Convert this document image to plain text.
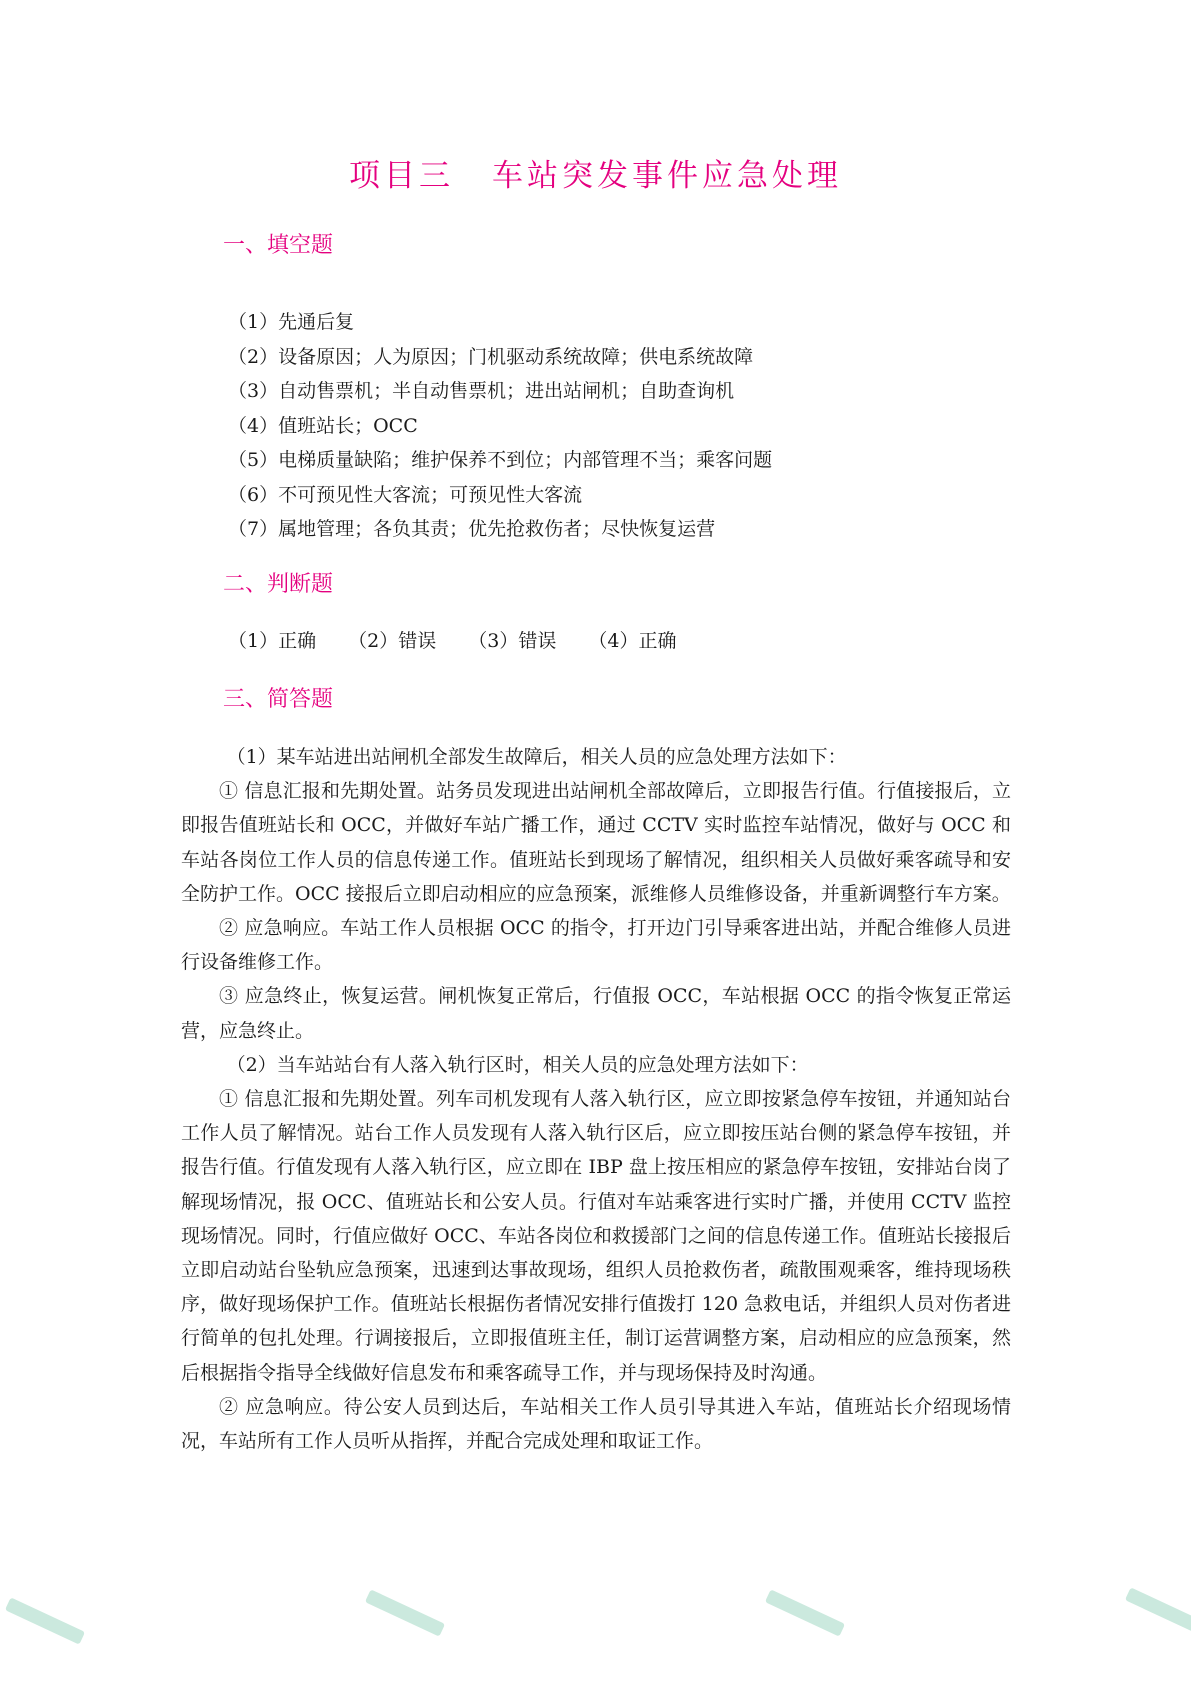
项目三 车站突发事件应急处理
一、填空题
（1）先通后复
（2）设备原因；人为原因；门机驱动系统故障；供电系统故障
（3）自动售票机；半自动售票机；进出站闸机；自助查询机
（4）值班站长；OCC
（5）电梯质量缺陷；维护保养不到位；内部管理不当；乘客问题
（6）不可预见性大客流；可预见性大客流
（7）属地管理；各负其责；优先抢救伤者；尽快恢复运营
二、判断题
（1）正确 （2）错误 （3）错误 （4）正确
三、简答题

（1）某车站进出站闸机全部发生故障后，相关人员的应急处理方法如下：

① 信息汇报和先期处置。站务员发现进出站闸机全部故障后，立即报告行值。行值接报后，立即报告值班站长和 OCC，并做好车站广播工作，通过 CCTV 实时监控车站情况，做好与 OCC 和车站各岗位工作人员的信息传递工作。值班站长到现场了解情况，组织相关人员做好乘客疏导和安全防护工作。OCC 接报后立即启动相应的应急预案，派维修人员维修设备，并重新调整行车方案。

② 应急响应。车站工作人员根据 OCC 的指令，打开边门引导乘客进出站，并配合维修人员进行设备维修工作。

③ 应急终止，恢复运营。闸机恢复正常后，行值报 OCC，车站根据 OCC 的指令恢复正常运营，应急终止。

（2）当车站站台有人落入轨行区时，相关人员的应急处理方法如下：

① 信息汇报和先期处置。列车司机发现有人落入轨行区，应立即按紧急停车按钮，并通知站台工作人员了解情况。站台工作人员发现有人落入轨行区后，应立即按压站台侧的紧急停车按钮，并报告行值。行值发现有人落入轨行区，应立即在 IBP 盘上按压相应的紧急停车按钮，安排站台岗了解现场情况，报 OCC、值班站长和公安人员。行值对车站乘客进行实时广播，并使用 CCTV 监控现场情况。同时，行值应做好 OCC、车站各岗位和救援部门之间的信息传递工作。值班站长接报后立即启动站台坠轨应急预案，迅速到达事故现场，组织人员抢救伤者，疏散围观乘客，维持现场秩序，做好现场保护工作。值班站长根据伤者情况安排行值拨打 120 急救电话，并组织人员对伤者进行简单的包扎处理。行调接报后，立即报值班主任，制订运营调整方案，启动相应的应急预案，然后根据指令指导全线做好信息发布和乘客疏导工作，并与现场保持及时沟通。

② 应急响应。待公安人员到达后，车站相关工作人员引导其进入车站，值班站长介绍现场情况，车站所有工作人员听从指挥，并配合完成处理和取证工作。
